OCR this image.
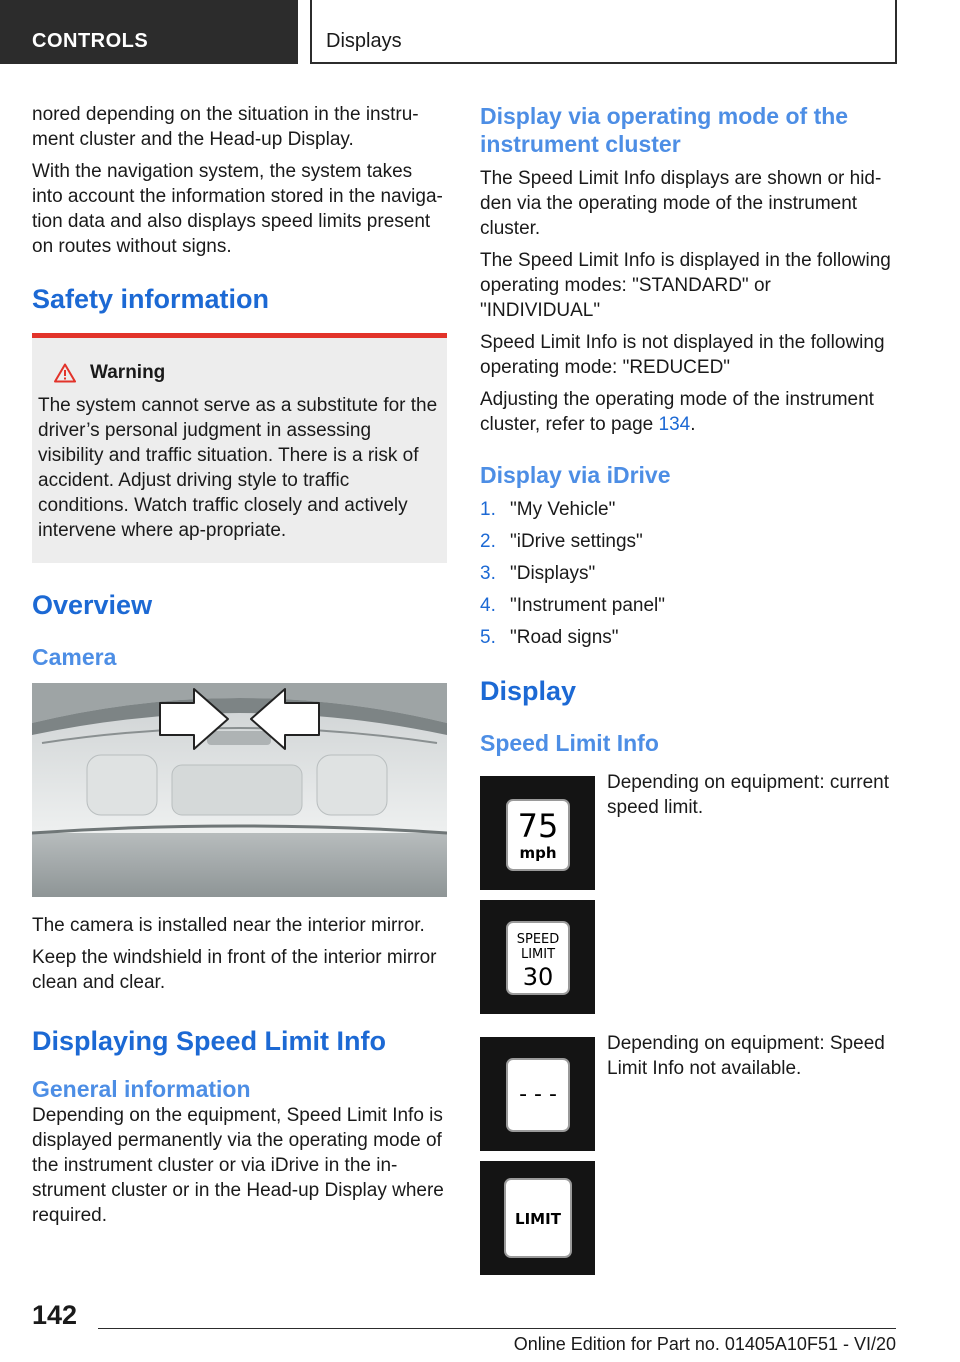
CONTROLS	Displays

nored depending on the situation in the instru-ment cluster and the Head-up Display.

With the navigation system, the system takes into account the information stored in the naviga-tion data and also displays speed limits present on routes without signs.

Safety information
Warning

The system cannot serve as a substitute for the driver’s personal judgment in assessing visibility and traffic situation. There is a risk of accident. Adjust driving style to traffic conditions. Watch traffic closely and actively intervene where ap-propriate.

Overview
Camera

The camera is installed near the interior mirror.

Keep the windshield in front of the interior mirror clean and clear.

Displaying Speed Limit Info
General information

Depending on the equipment, Speed Limit Info is displayed permanently via the operating mode of the instrument cluster or via iDrive in the in-strument cluster or in the Head-up Display where required.

Display via operating mode of the instrument cluster

The Speed Limit Info displays are shown or hid-den via the operating mode of the instrument cluster.

The Speed Limit Info is displayed in the following operating modes: "STANDARD" or "INDIVIDUAL"

Speed Limit Info is not displayed in the following operating mode: "REDUCED"

Adjusting the operating mode of the instrument cluster, refer to page 134.

Display via iDrive
1. "My Vehicle"
2. "iDrive settings"
3. "Displays"
4. "Instrument panel"
5. "Road signs"
Display
Speed Limit Info
75
mph
Depending on equipment: current speed limit.
SPEED
LIMIT
30
- - -
Depending on equipment: Speed Limit Info not available.
LIMIT
142
Online Edition for Part no. 01405A10F51 - VI/20
